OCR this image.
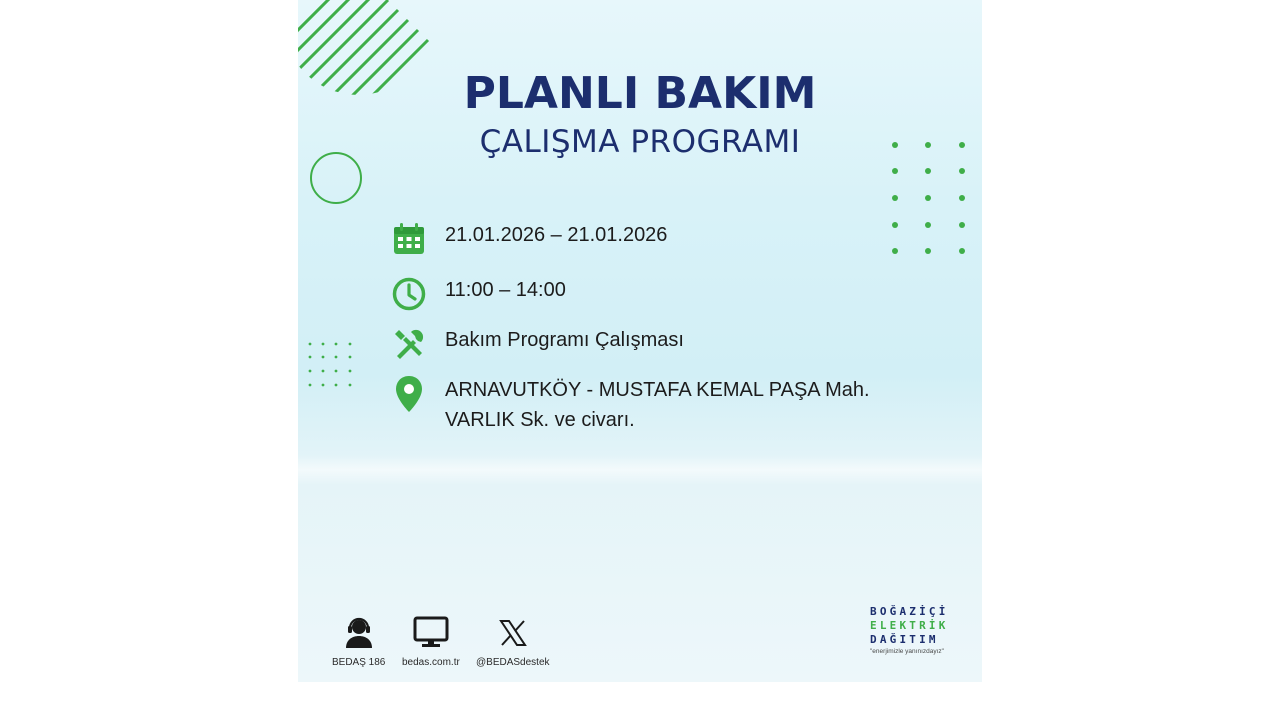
PLANLI BAKIM
ÇALIŞMA PROGRAMI
21.01.2026 – 21.01.2026
11:00 – 14:00
Bakım Programı Çalışması
ARNAVUTKÖY - MUSTAFA KEMAL PAŞA Mah. VARLIK Sk. ve civarı.
BEDAŞ 186 bedas.com.tr @BEDASdestek
BOĞAZİÇİ
ELEKTRİK
DAĞITIM
"enerjimizle yanınızdayız"
